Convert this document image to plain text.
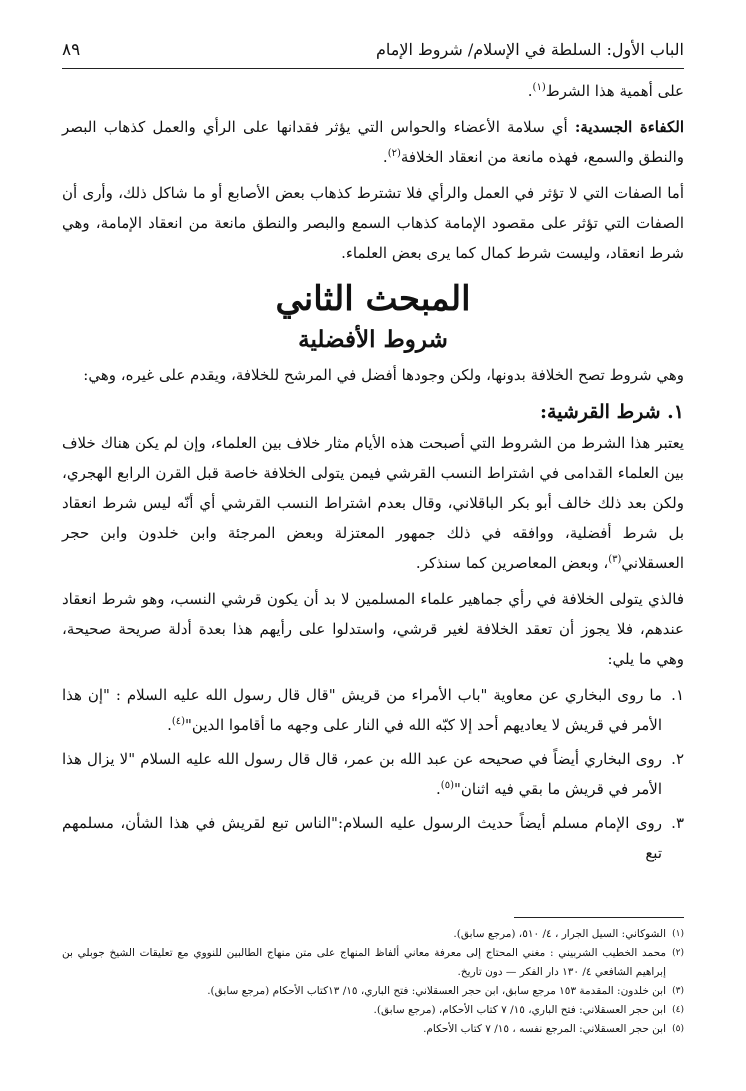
الباب الأول: السلطة في الإسلام/ شروط الإمام
٨٩

على أهمية هذا الشرط$^{(١)}$.

الكفاءة الجسدية: أي سلامة الأعضاء والحواس التي يؤثر فقدانها على الرأي والعمل كذهاب البصر والنطق والسمع، فهذه مانعة من انعقاد الخلافة$^{(٢)}$.

أما الصفات التي لا تؤثر في العمل والرأي فلا تشترط كذهاب بعض الأصابع أو ما شاكل ذلك، وأرى أن الصفات التي تؤثر على مقصود الإمامة كذهاب السمع والبصر والنطق مانعة من انعقاد الإمامة، وهي شرط انعقاد، وليست شرط كمال كما يرى بعض العلماء.

المبحث الثاني
شروط الأفضلية

وهي شروط تصح الخلافة بدونها، ولكن وجودها أفضل في المرشح للخلافة، ويقدم على غيره، وهي:

١. شرط القرشية:

يعتبر هذا الشرط من الشروط التي أصبحت هذه الأيام مثار خلاف بين العلماء، وإن لم يكن هناك خلاف بين العلماء القدامى في اشتراط النسب القرشي فيمن يتولى الخلافة خاصة قبل القرن الرابع الهجري، ولكن بعد ذلك خالف أبو بكر الباقلاني، وقال بعدم اشتراط النسب القرشي أي أنّه ليس شرط انعقاد بل شرط أفضلية، ووافقه في ذلك جمهور المعتزلة وبعض المرجئة وابن خلدون وابن حجر العسقلاني$^{(٣)}$، وبعض المعاصرين كما سنذكر.

فالذي يتولى الخلافة في رأي جماهير علماء المسلمين لا بد أن يكون قرشي النسب، وهو شرط انعقاد عندهم، فلا يجوز أن تعقد الخلافة لغير قرشي، واستدلوا على رأيهم هذا بعدة أدلة صريحة صحيحة، وهي ما يلي:

١.
ما روى البخاري عن معاوية "باب الأمراء من قريش "قال قال رسول الله عليه السلام : "إن هذا الأمر في قريش لا يعاديهم أحد إلا كبّه الله في النار على وجهه ما أقاموا الدين"$^{(٤)}$.
٢.
روى البخاري أيضاً في صحيحه عن عبد الله بن عمر، قال قال رسول الله عليه السلام "لا يزال هذا الأمر في قريش ما بقي فيه اثنان"$^{(٥)}$.
٣.
روى الإمام مسلم أيضاً حديث الرسول عليه السلام:"الناس تبع لقريش في هذا الشأن، مسلمهم تبع

(١)
الشوكاني: السيل الجرار ، ٤/ ٥١٠، (مرجع سابق).

(٢)
محمد الخطيب الشربيني : مغني المحتاج إلى معرفة معاني ألفاظ المنهاج على متن منهاج الطالبين للنووي مع تعليقات الشيخ جوبلي بن إبراهيم الشافعي ٤/ ١٣٠ دار الفكر — دون تاريخ.

(٣)
ابن خلدون: المقدمة ١٥٣ مرجع سابق، ابن حجر العسقلاني: فتح الباري، ١٥/ ١٣كتاب الأحكام (مرجع سابق).

(٤)
ابن حجر العسقلاني: فتح الباري، ١٥/ ٧ كتاب الأحكام، (مرجع سابق).

(٥)
ابن حجر العسقلاني: المرجع نفسه ، ١٥/ ٧ كتاب الأحكام.
